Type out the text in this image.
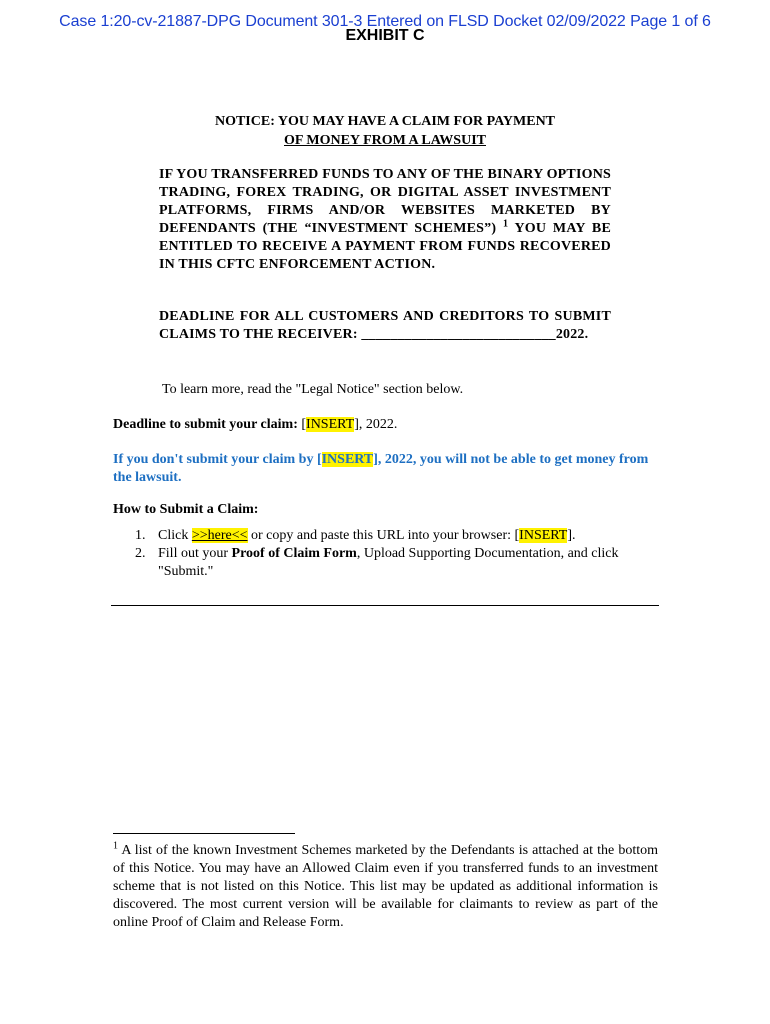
Case 1:20-cv-21887-DPG Document 301-3 Entered on FLSD Docket 02/09/2022 Page 1 of 6
EXHIBIT C
NOTICE: YOU MAY HAVE A CLAIM FOR PAYMENT
OF MONEY FROM A LAWSUIT
IF YOU TRANSFERRED FUNDS TO ANY OF THE BINARY OPTIONS TRADING, FOREX TRADING, OR DIGITAL ASSET INVESTMENT PLATFORMS, FIRMS AND/OR WEBSITES MARKETED BY DEFENDANTS (THE “INVESTMENT SCHEMES”) $^1$ YOU MAY BE ENTITLED TO RECEIVE A PAYMENT FROM FUNDS RECOVERED IN THIS CFTC ENFORCEMENT ACTION.
DEADLINE FOR ALL CUSTOMERS AND CREDITORS TO SUBMIT CLAIMS TO THE RECEIVER: ___________________________2022.
To learn more, read the "Legal Notice" section below.
Deadline to submit your claim: [INSERT], 2022.
If you don't submit your claim by [INSERT], 2022, you will not be able to get money from the lawsuit.
How to Submit a Claim:
1. Click >>here<< or copy and paste this URL into your browser: [INSERT].
2. Fill out your Proof of Claim Form, Upload Supporting Documentation, and click "Submit."
$^1$ A list of the known Investment Schemes marketed by the Defendants is attached at the bottom of this Notice. You may have an Allowed Claim even if you transferred funds to an investment scheme that is not listed on this Notice. This list may be updated as additional information is discovered. The most current version will be available for claimants to review as part of the online Proof of Claim and Release Form.
